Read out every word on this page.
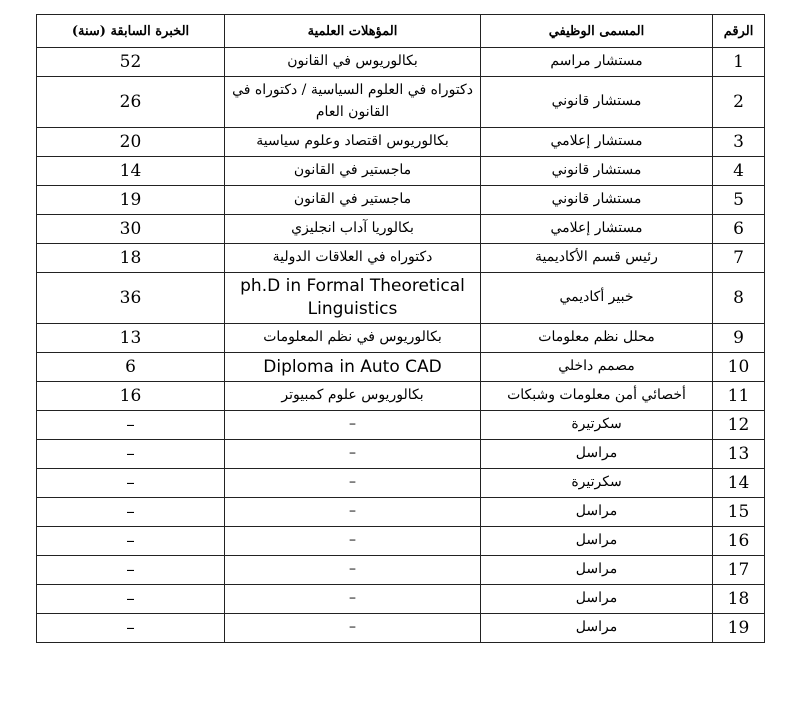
الرقم	المسمى الوظيفي	المؤهلات العلمية	الخبرة السابقة (سنة)
1	مستشار مراسم	بكالوريوس في القانون	52
2	مستشار قانوني	دكتوراه في العلوم السياسية / دكتوراه في القانون العام	26
3	مستشار إعلامي	بكالوريوس اقتصاد وعلوم سياسية	20
4	مستشار قانوني	ماجستير في القانون	14
5	مستشار قانوني	ماجستير في القانون	19
6	مستشار إعلامي	بكالوريا آداب انجليزي	30
7	رئيس قسم الأكاديمية	دكتوراه في العلاقات الدولية	18
8	خبير أكاديمي	ph.D in Formal Theoretical Linguistics	36
9	محلل نظم معلومات	بكالوريوس في نظم المعلومات	13
10	مصمم داخلي	Diploma in Auto CAD	6
11	أخصائي أمن معلومات وشبكات	بكالوريوس علوم كمبيوتر	16
12	سكرتيرة	–	–
13	مراسل	–	–
14	سكرتيرة	–	–
15	مراسل	–	–
16	مراسل	–	–
17	مراسل	–	–
18	مراسل	–	–
19	مراسل	–	–
